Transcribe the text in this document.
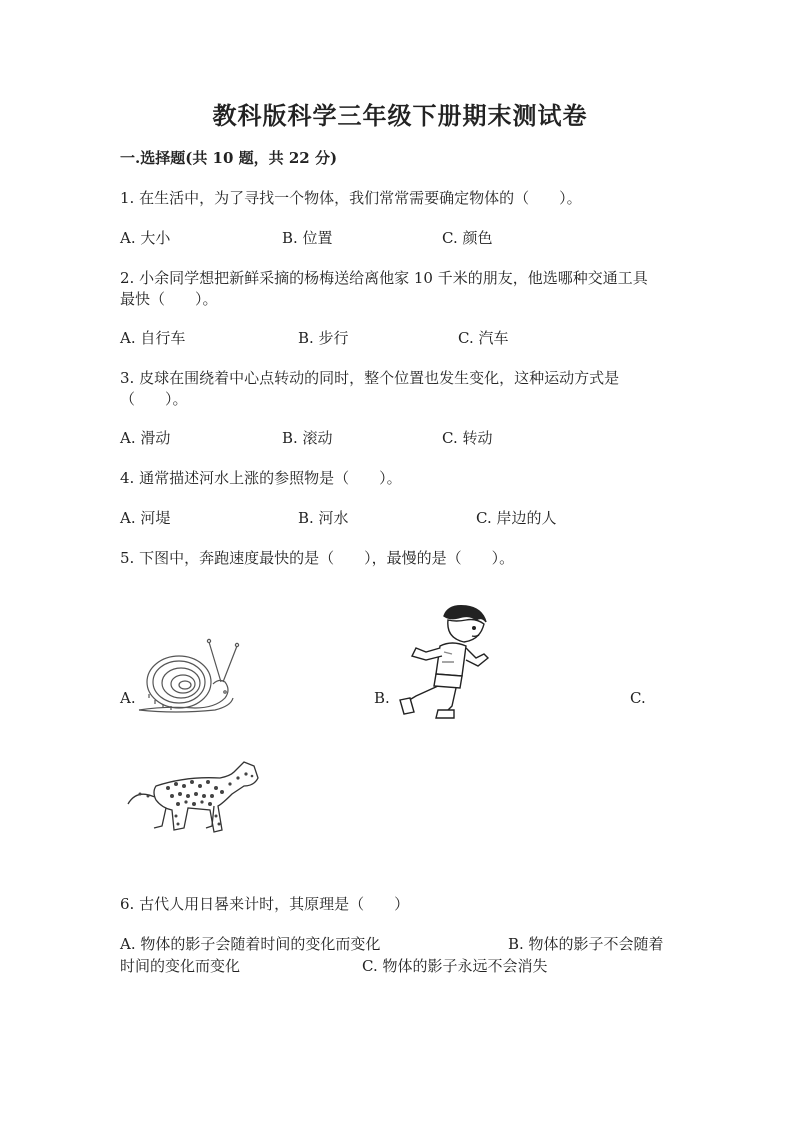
教科版科学三年级下册期末测试卷
一.选择题(共 10 题，共 22 分)
1. 在生活中，为了寻找一个物体，我们常常需要确定物体的（　　）。
A. 大小	B. 位置	C. 颜色
2. 小余同学想把新鲜采摘的杨梅送给离他家 10 千米的朋友，他选哪种交通工具
最快（　　）。
A. 自行车	B. 步行	C. 汽车
3. 皮球在围绕着中心点转动的同时，整个位置也发生变化，这种运动方式是
（　　）。
A. 滑动	B. 滚动	C. 转动
4. 通常描述河水上涨的参照物是（　　）。
A. 河堤	B. 河水	C. 岸边的人
5. 下图中，奔跑速度最快的是（　　），最慢的是（　　）。
A.	B.	C.
6. 古代人用日晷来计时，其原理是（　　）
A. 物体的影子会随着时间的变化而变化	B. 物体的影子不会随着
时间的变化而变化	C. 物体的影子永远不会消失
